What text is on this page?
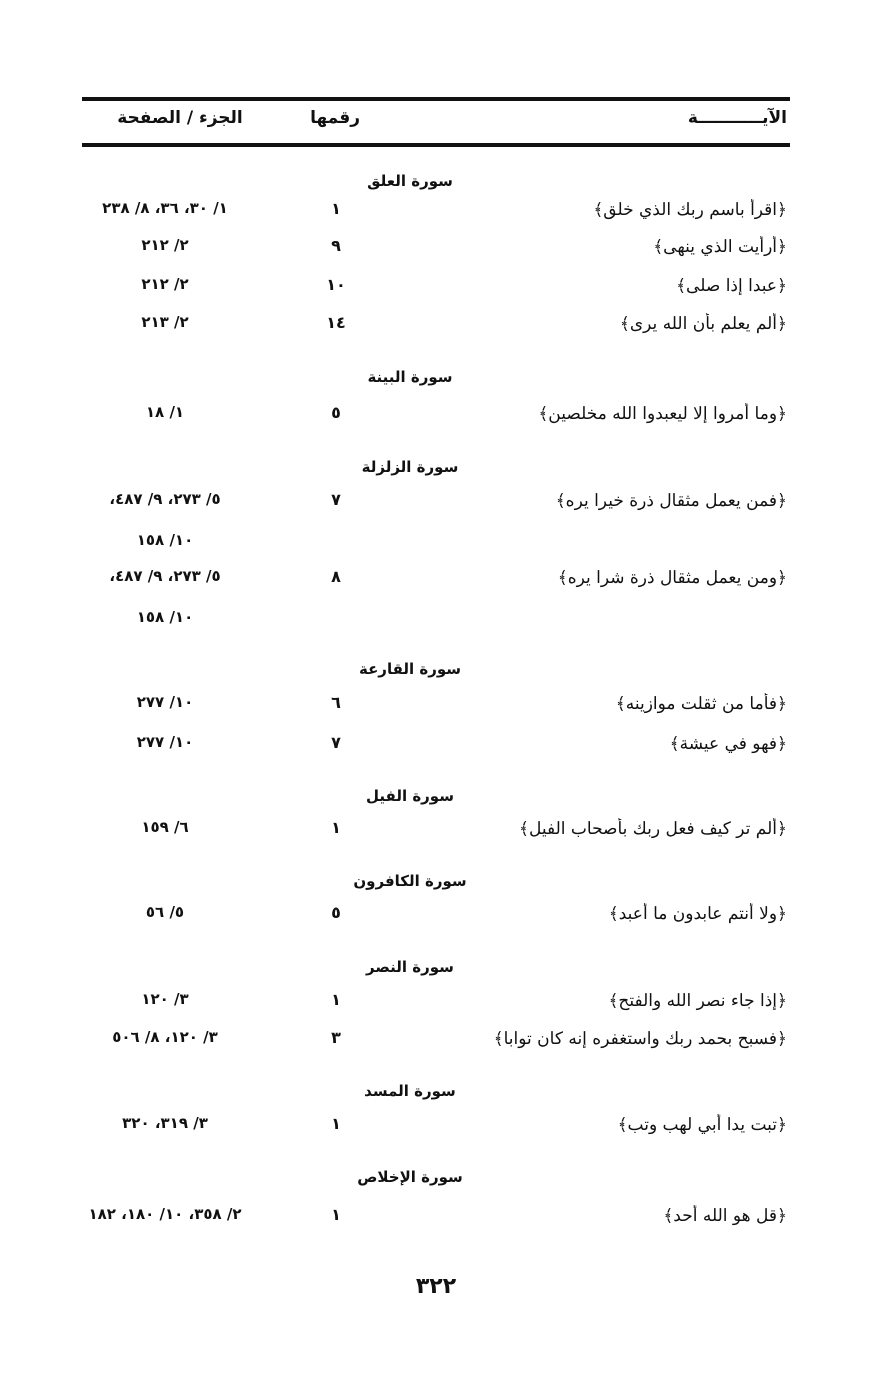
الآيـــــــــــة
رقمها
الجزء / الصفحة
سورة العلق
﴿اقرأ باسم ربك الذي خلق﴾
١
١/ ٣٠، ٣٦، ٨/ ٢٣٨
﴿أرأيت الذي ينهى﴾
٩
٢/ ٢١٢
﴿عبدا إذا صلى﴾
١٠
٢/ ٢١٢
﴿ألم يعلم بأن الله يرى﴾
١٤
٢/ ٢١٣
سورة البينة
﴿وما أمروا إلا ليعبدوا الله مخلصين﴾
٥
١/ ١٨
سورة الزلزلة
﴿فمن يعمل مثقال ذرة خيرا يره﴾
٧
٥/ ٢٧٣، ٩/ ٤٨٧،
١٠/ ١٥٨
﴿ومن يعمل مثقال ذرة شرا يره﴾
٨
٥/ ٢٧٣، ٩/ ٤٨٧،
١٠/ ١٥٨
سورة القارعة
﴿فأما من ثقلت موازينه﴾
٦
١٠/ ٢٧٧
﴿فهو في عيشة﴾
٧
١٠/ ٢٧٧
سورة الفيل
﴿ألم تر كيف فعل ربك بأصحاب الفيل﴾
١
٦/ ١٥٩
سورة الكافرون
﴿ولا أنتم عابدون ما أعبد﴾
٥
٥/ ٥٦
سورة النصر
﴿إذا جاء نصر الله والفتح﴾
١
٣/ ١٢٠
﴿فسبح بحمد ربك واستغفره إنه كان توابا﴾
٣
٣/ ١٢٠، ٨/ ٥٠٦
سورة المسد
﴿تبت يدا أبي لهب وتب﴾
١
٣/ ٣١٩، ٣٢٠
سورة الإخلاص
﴿قل هو الله أحد﴾
١
٢/ ٣٥٨، ١٠/ ١٨٠، ١٨٢
٣٢٢
